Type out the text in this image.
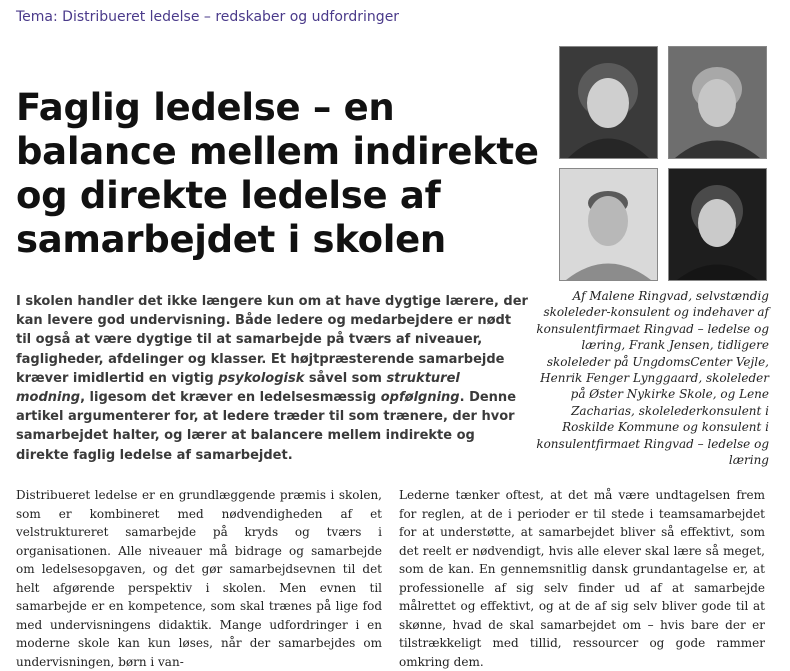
Tema: Distribueret ledelse – redskaber og udfordringer
Faglig ledelse – en balance mellem indirekte og direkte ledelse af samarbejdet i skolen
I skolen handler det ikke længere kun om at have dygtige lærere, der kan levere god undervisning. Både ledere og medarbejdere er nødt til også at være dygtige til at samarbejde på tværs af niveauer, fagligheder, afdelinger og klasser. Et højtpræsterende samarbejde kræver imidlertid en vigtig psykologisk såvel som strukturel modning, ligesom det kræver en ledelsesmæssig opfølgning. Denne artikel argumenterer for, at ledere træder til som trænere, der hvor samarbejdet halter, og lærer at balancere mellem indirekte og direkte faglig ledelse af samarbejdet.
Af Malene Ringvad, selvstændig skoleleder-konsulent og indehaver af konsulentfirmaet Ringvad – ledelse og læring, Frank Jensen, tidligere skoleleder på UngdomsCenter Vejle, Henrik Fenger Lynggaard, skoleleder på Øster Nykirke Skole, og Lene Zacharias, skolelederkonsulent i Roskilde Kommune og konsulent i konsulentfirmaet Ringvad – ledelse og læring
Distribueret ledelse er en grundlæggende præmis i skolen, som er kombineret med nødvendigheden af et velstruktureret samarbejde på kryds og tværs i organisationen. Alle niveauer må bidrage og samarbejde om ledelsesopgaven, og det gør samarbejdsevnen til det helt afgørende perspektiv i skolen. Men evnen til samarbejde er en kompetence, som skal trænes på lige fod med undervisningens didaktik. Mange udfordringer i en moderne skole kan kun løses, når der samarbejdes om undervisningen, børn i van-
Lederne tænker oftest, at det må være undtagelsen frem for reglen, at de i perioder er til stede i teamsamarbejdet for at understøtte, at samarbejdet bliver så effektivt, som det reelt er nødvendigt, hvis alle elever skal lære så meget, som de kan. En gennemsnitlig dansk grundantagelse er, at professionelle af sig selv finder ud af at samarbejde målrettet og effektivt, og at de af sig selv bliver gode til at skønne, hvad de skal samarbejdet om – hvis bare der er tilstrækkeligt med tillid, ressourcer og gode rammer omkring dem.
